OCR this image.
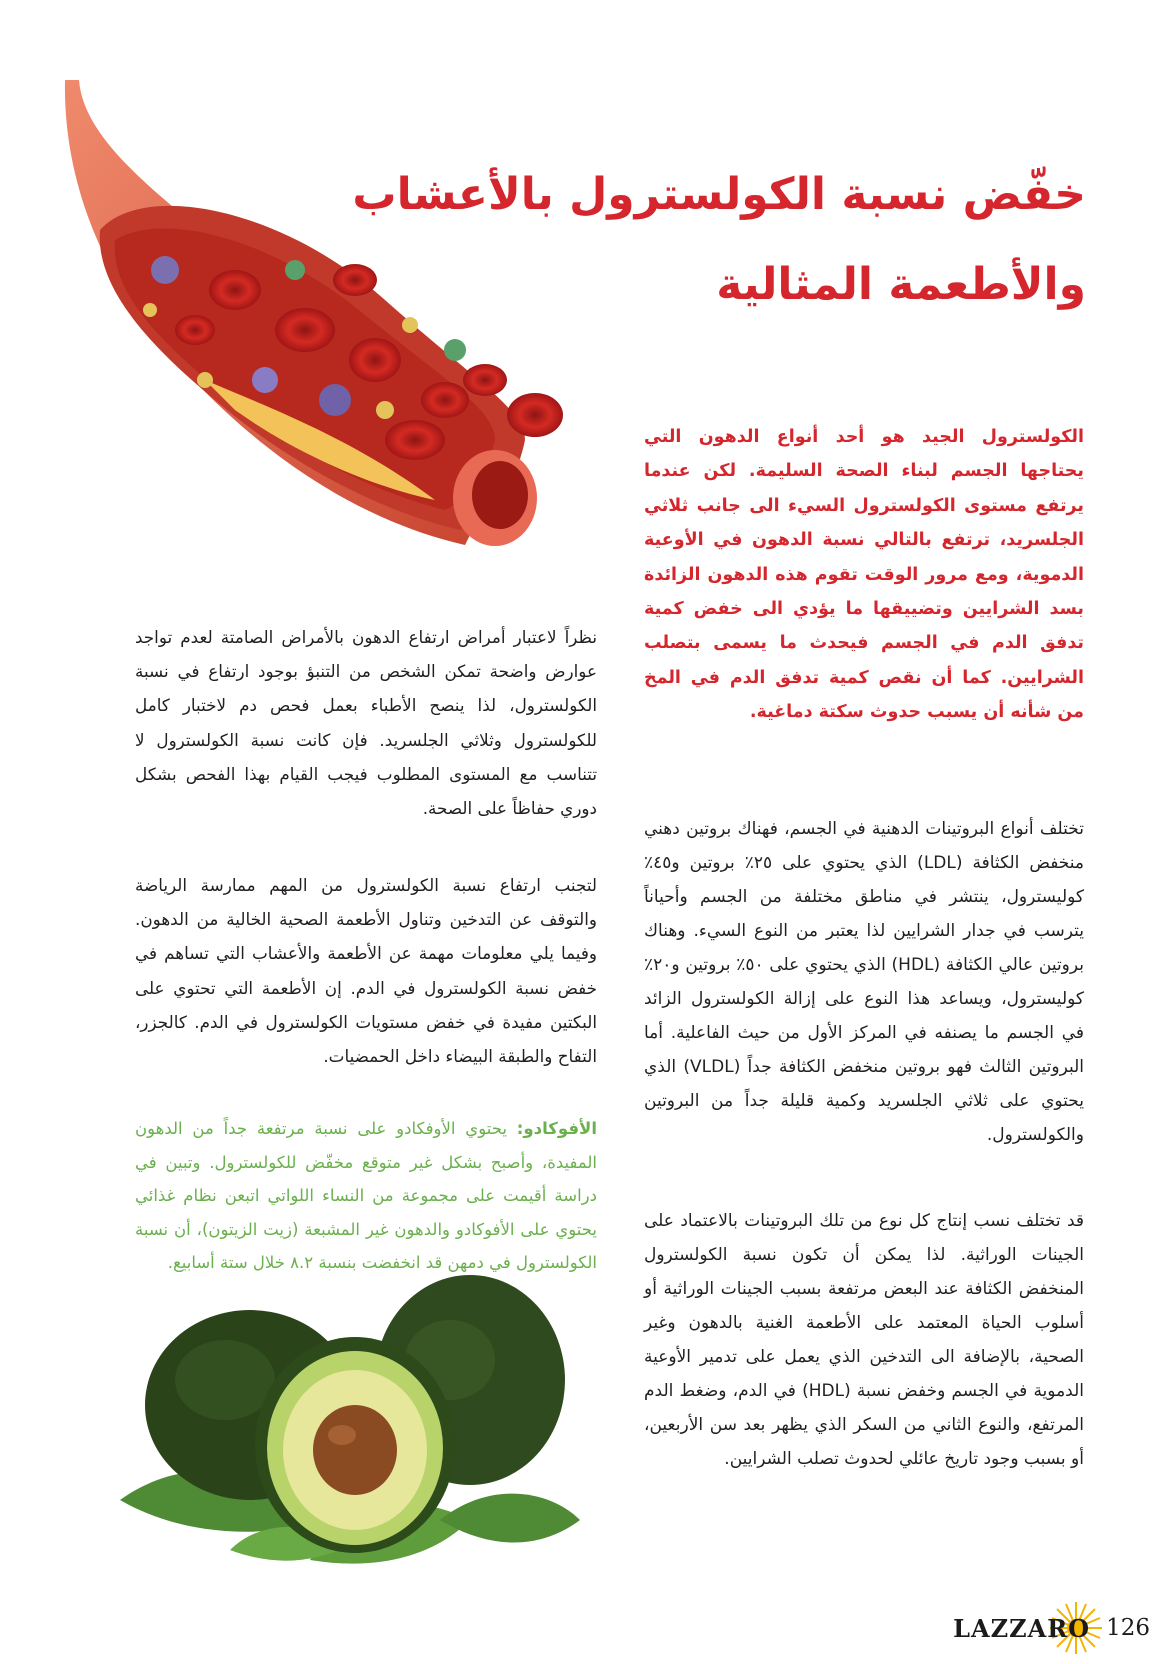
خفّض نسبة الكولسترول بالأعشاب
والأطعمة المثالية

الكولسترول الجيد هو أحد أنواع الدهون التي يحتاجها الجسم لبناء الصحة السليمة. لكن عندما يرتفع مستوى الكولسترول السيء الى جانب ثلاثي الجلسريد، ترتفع بالتالي نسبة الدهون في الأوعية الدموية، ومع مرور الوقت تقوم هذه الدهون الزائدة بسد الشرايين وتضييقها ما يؤدي الى خفض كمية تدفق الدم في الجسم فيحدث ما يسمى بتصلب الشرايين. كما أن نقص كمية تدفق الدم في المخ من شأنه أن يسبب حدوث سكتة دماغية.

تختلف أنواع البروتينات الدهنية في الجسم، فهناك بروتين دهني منخفض الكثافة (LDL) الذي يحتوي على ٢٥٪ بروتين و٤٥٪ كوليسترول، ينتشر في مناطق مختلفة من الجسم وأحياناً يترسب في جدار الشرايين لذا يعتبر من النوع السيء. وهناك بروتين عالي الكثافة (HDL) الذي يحتوي على ٥٠٪ بروتين و٢٠٪ كوليسترول، ويساعد هذا النوع على إزالة الكولسترول الزائد في الجسم ما يصنفه في المركز الأول من حيث الفاعلية. أما البروتين الثالث فهو بروتين منخفض الكثافة جداً (VLDL) الذي يحتوي على ثلاثي الجلسريد وكمية قليلة جداً من البروتين والكولسترول.

قد تختلف نسب إنتاج كل نوع من تلك البروتينات بالاعتماد على الجينات الوراثية. لذا يمكن أن تكون نسبة الكولسترول المنخفض الكثافة عند البعض مرتفعة بسبب الجينات الوراثية أو أسلوب الحياة المعتمد على الأطعمة الغنية بالدهون وغير الصحية، بالإضافة الى التدخين الذي يعمل على تدمير الأوعية الدموية في الجسم وخفض نسبة (HDL) في الدم، وضغط الدم المرتفع، والنوع الثاني من السكر الذي يظهر بعد سن الأربعين، أو بسبب وجود تاريخ عائلي لحدوث تصلب الشرايين.

نظراً لاعتبار أمراض ارتفاع الدهون بالأمراض الصامتة لعدم تواجد عوارض واضحة تمكن الشخص من التنبؤ بوجود ارتفاع في نسبة الكولسترول، لذا ينصح الأطباء بعمل فحص دم لاختبار كامل للكولسترول وثلاثي الجلسريد. فإن كانت نسبة الكولسترول لا تتناسب مع المستوى المطلوب فيجب القيام بهذا الفحص بشكل دوري حفاظاً على الصحة.

لتجنب ارتفاع نسبة الكولسترول من المهم ممارسة الرياضة والتوقف عن التدخين وتناول الأطعمة الصحية الخالية من الدهون. وفيما يلي معلومات مهمة عن الأطعمة والأعشاب التي تساهم في خفض نسبة الكولسترول في الدم. إن الأطعمة التي تحتوي على البكتين مفيدة في خفض مستويات الكولسترول في الدم. كالجزر، التفاح والطبقة البيضاء داخل الحمضيات.

الأفوكادو: يحتوي الأوفكادو على نسبة مرتفعة جداً من الدهون المفيدة، وأصبح بشكل غير متوقع مخفّض للكولسترول. وتبين في دراسة أقيمت على مجموعة من النساء اللواتي اتبعن نظام غذائي يحتوي على الأفوكادو والدهون غير المشبعة (زيت الزيتون)، أن نسبة الكولسترول في دمهن قد انخفضت بنسبة ٨.٢ خلال ستة أسابيع.

LAZZARO 126
